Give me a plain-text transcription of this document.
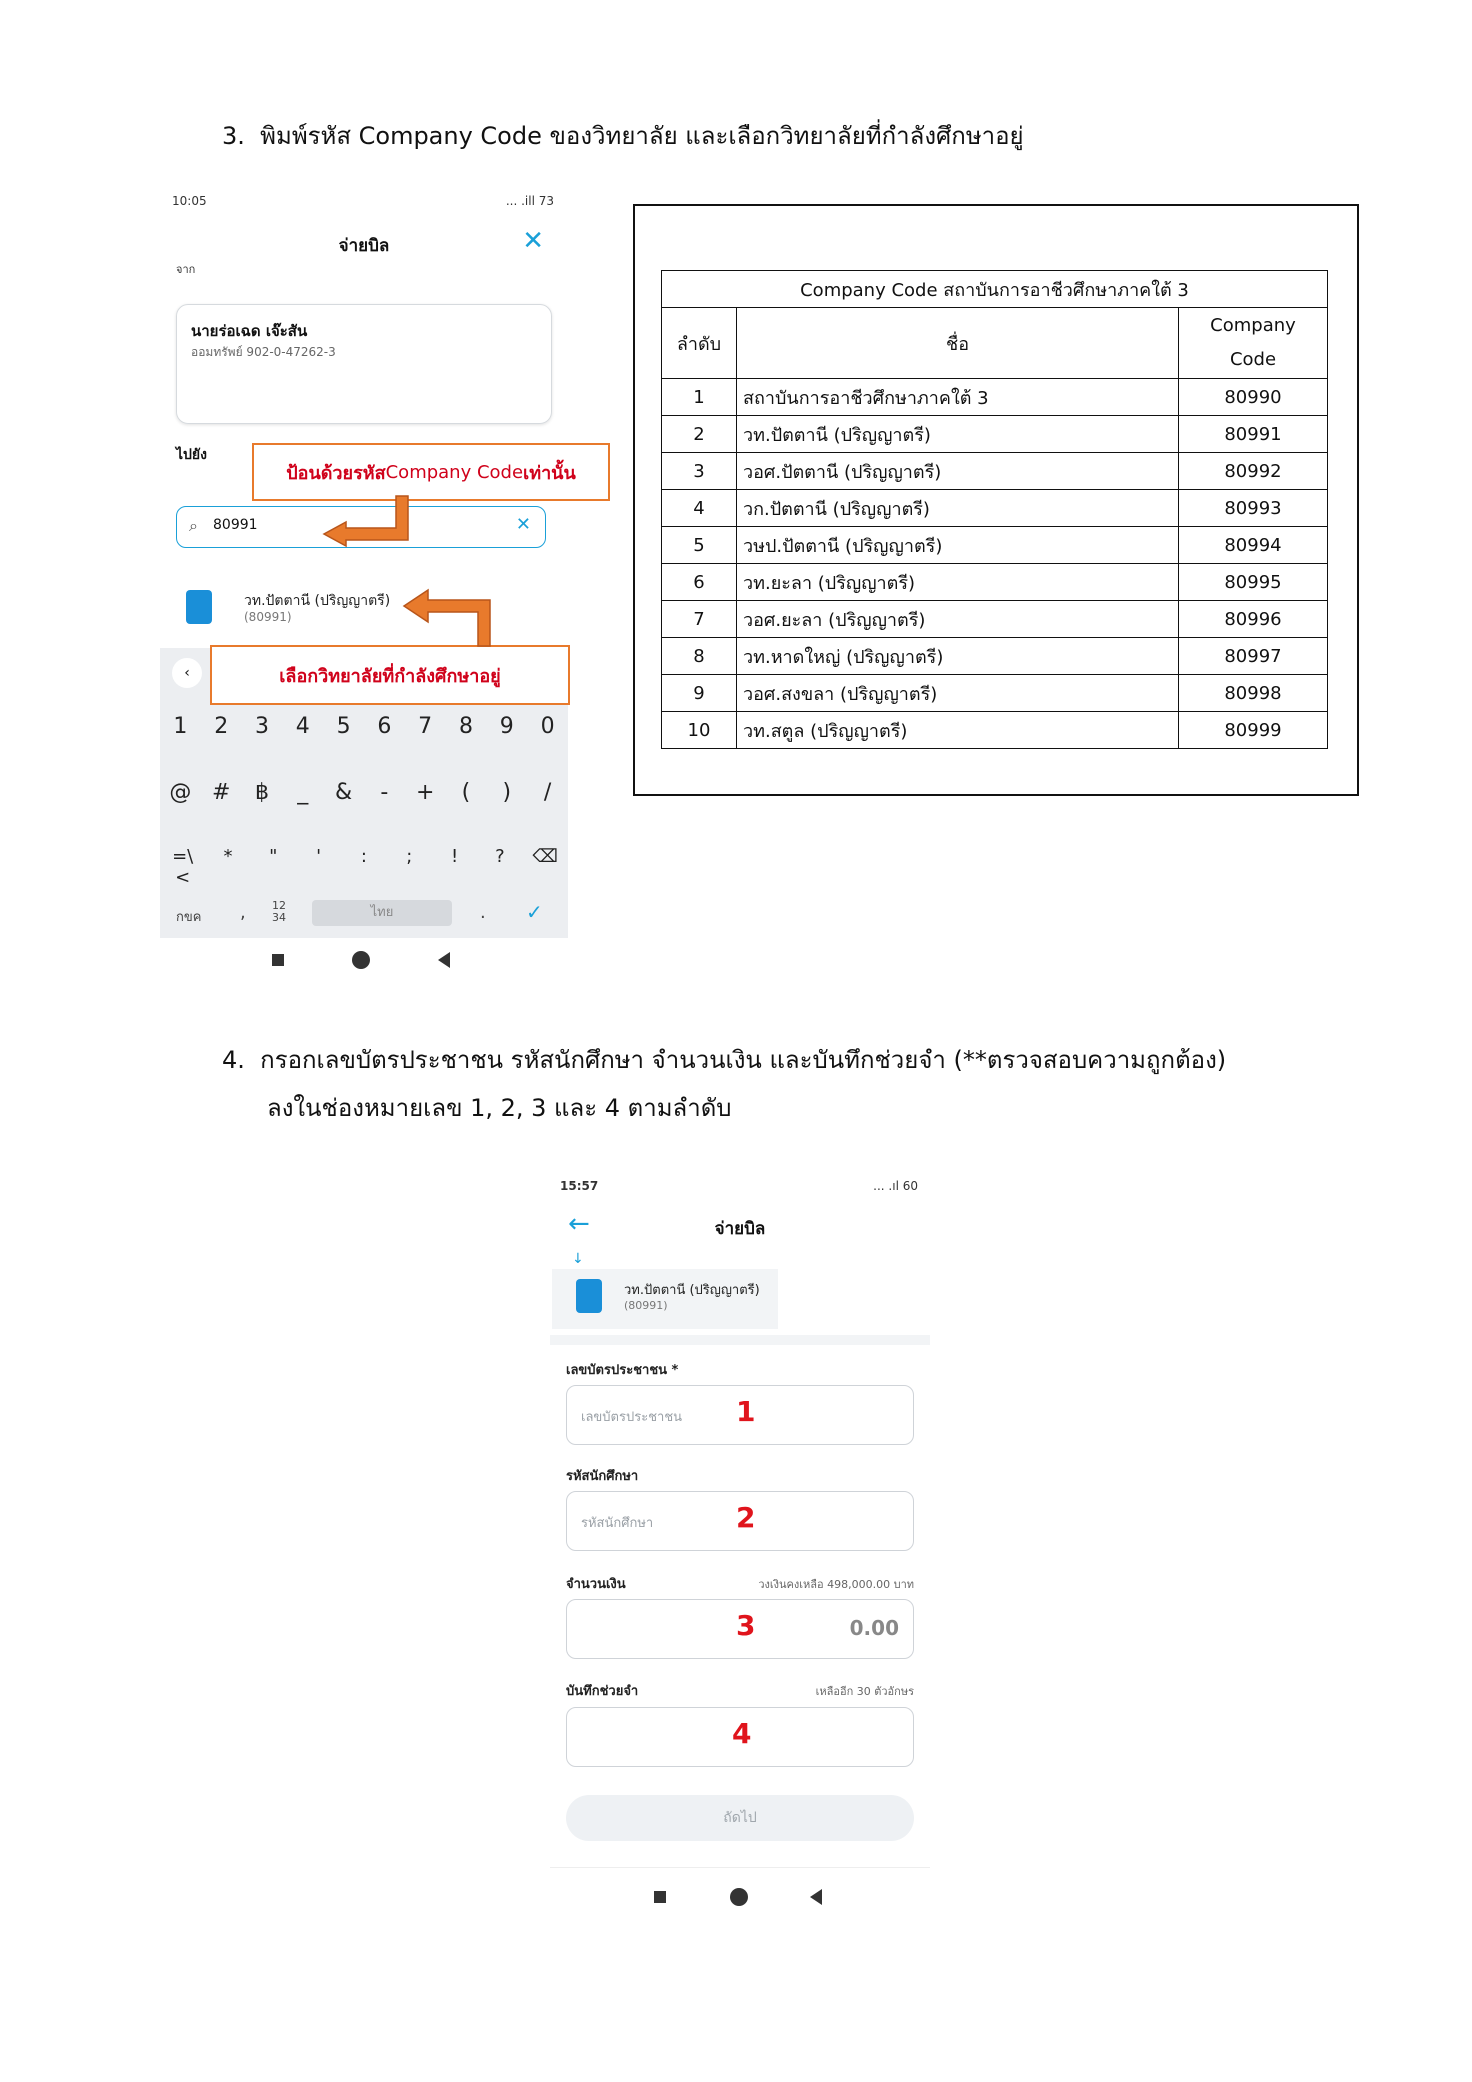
3. พิมพ์รหัส Company Code ของวิทยาลัย และเลือกวิทยาลัยที่กำลังศึกษาอยู่
10:05	... .ill 73
จ่ายบิล	✕
จาก
นายร่อเฉด เจ๊ะสัน
ออมทรัพย์ 902-0-47262-3
ไปยัง
⌕ 80991	✕
วท.ปัตตานี (ปริญญาตรี)
(80991)
‹
1	2	3	4	5	6	7	8	9	0
@ #	฿	_	&	-	+	(	)	/
=\<
*	"	'	:	;	!	?	⌫
กขค , 12 34	ไทย	. ✓
ป้อนด้วยรหัส Company Code เท่านั้น
เลือกวิทยาลัยที่กำลังศึกษาอยู่
Company Code สถาบันการอาชีวศึกษาภาคใต้ 3		
ลำดับ	ชื่อ	Company Code
1	สถาบันการอาชีวศึกษาภาคใต้ 3	80990
2	วท.ปัตตานี (ปริญญาตรี)	80991
3	วอศ.ปัตตานี (ปริญญาตรี)	80992
4	วก.ปัตตานี (ปริญญาตรี)	80993
5	วษป.ปัตตานี (ปริญญาตรี)	80994
6	วท.ยะลา (ปริญญาตรี)	80995
7	วอศ.ยะลา (ปริญญาตรี)	80996
8	วท.หาดใหญ่ (ปริญญาตรี)	80997
9	วอศ.สงขลา (ปริญญาตรี)	80998
10	วท.สตูล (ปริญญาตรี)	80999
4. กรอกเลขบัตรประชาชน รหัสนักศึกษา จำนวนเงิน และบันทึกช่วยจำ (**ตรวจสอบความถูกต้อง)
ลงในช่องหมายเลข 1, 2, 3 และ 4 ตามลำดับ
15:57	... .ıl 60
←	จ่ายบิล
↓
วท.ปัตตานี (ปริญญาตรี)
(80991)
เลขบัตรประชาชน *
เลขบัตรประชาชน 1
รหัสนักศึกษา
รหัสนักศึกษา	2
จำนวนเงิน	วงเงินคงเหลือ 498,000.00 บาท
0.00
3
บันทึกช่วยจำ	เหลืออีก 30 ตัวอักษร
4
ถัดไป
